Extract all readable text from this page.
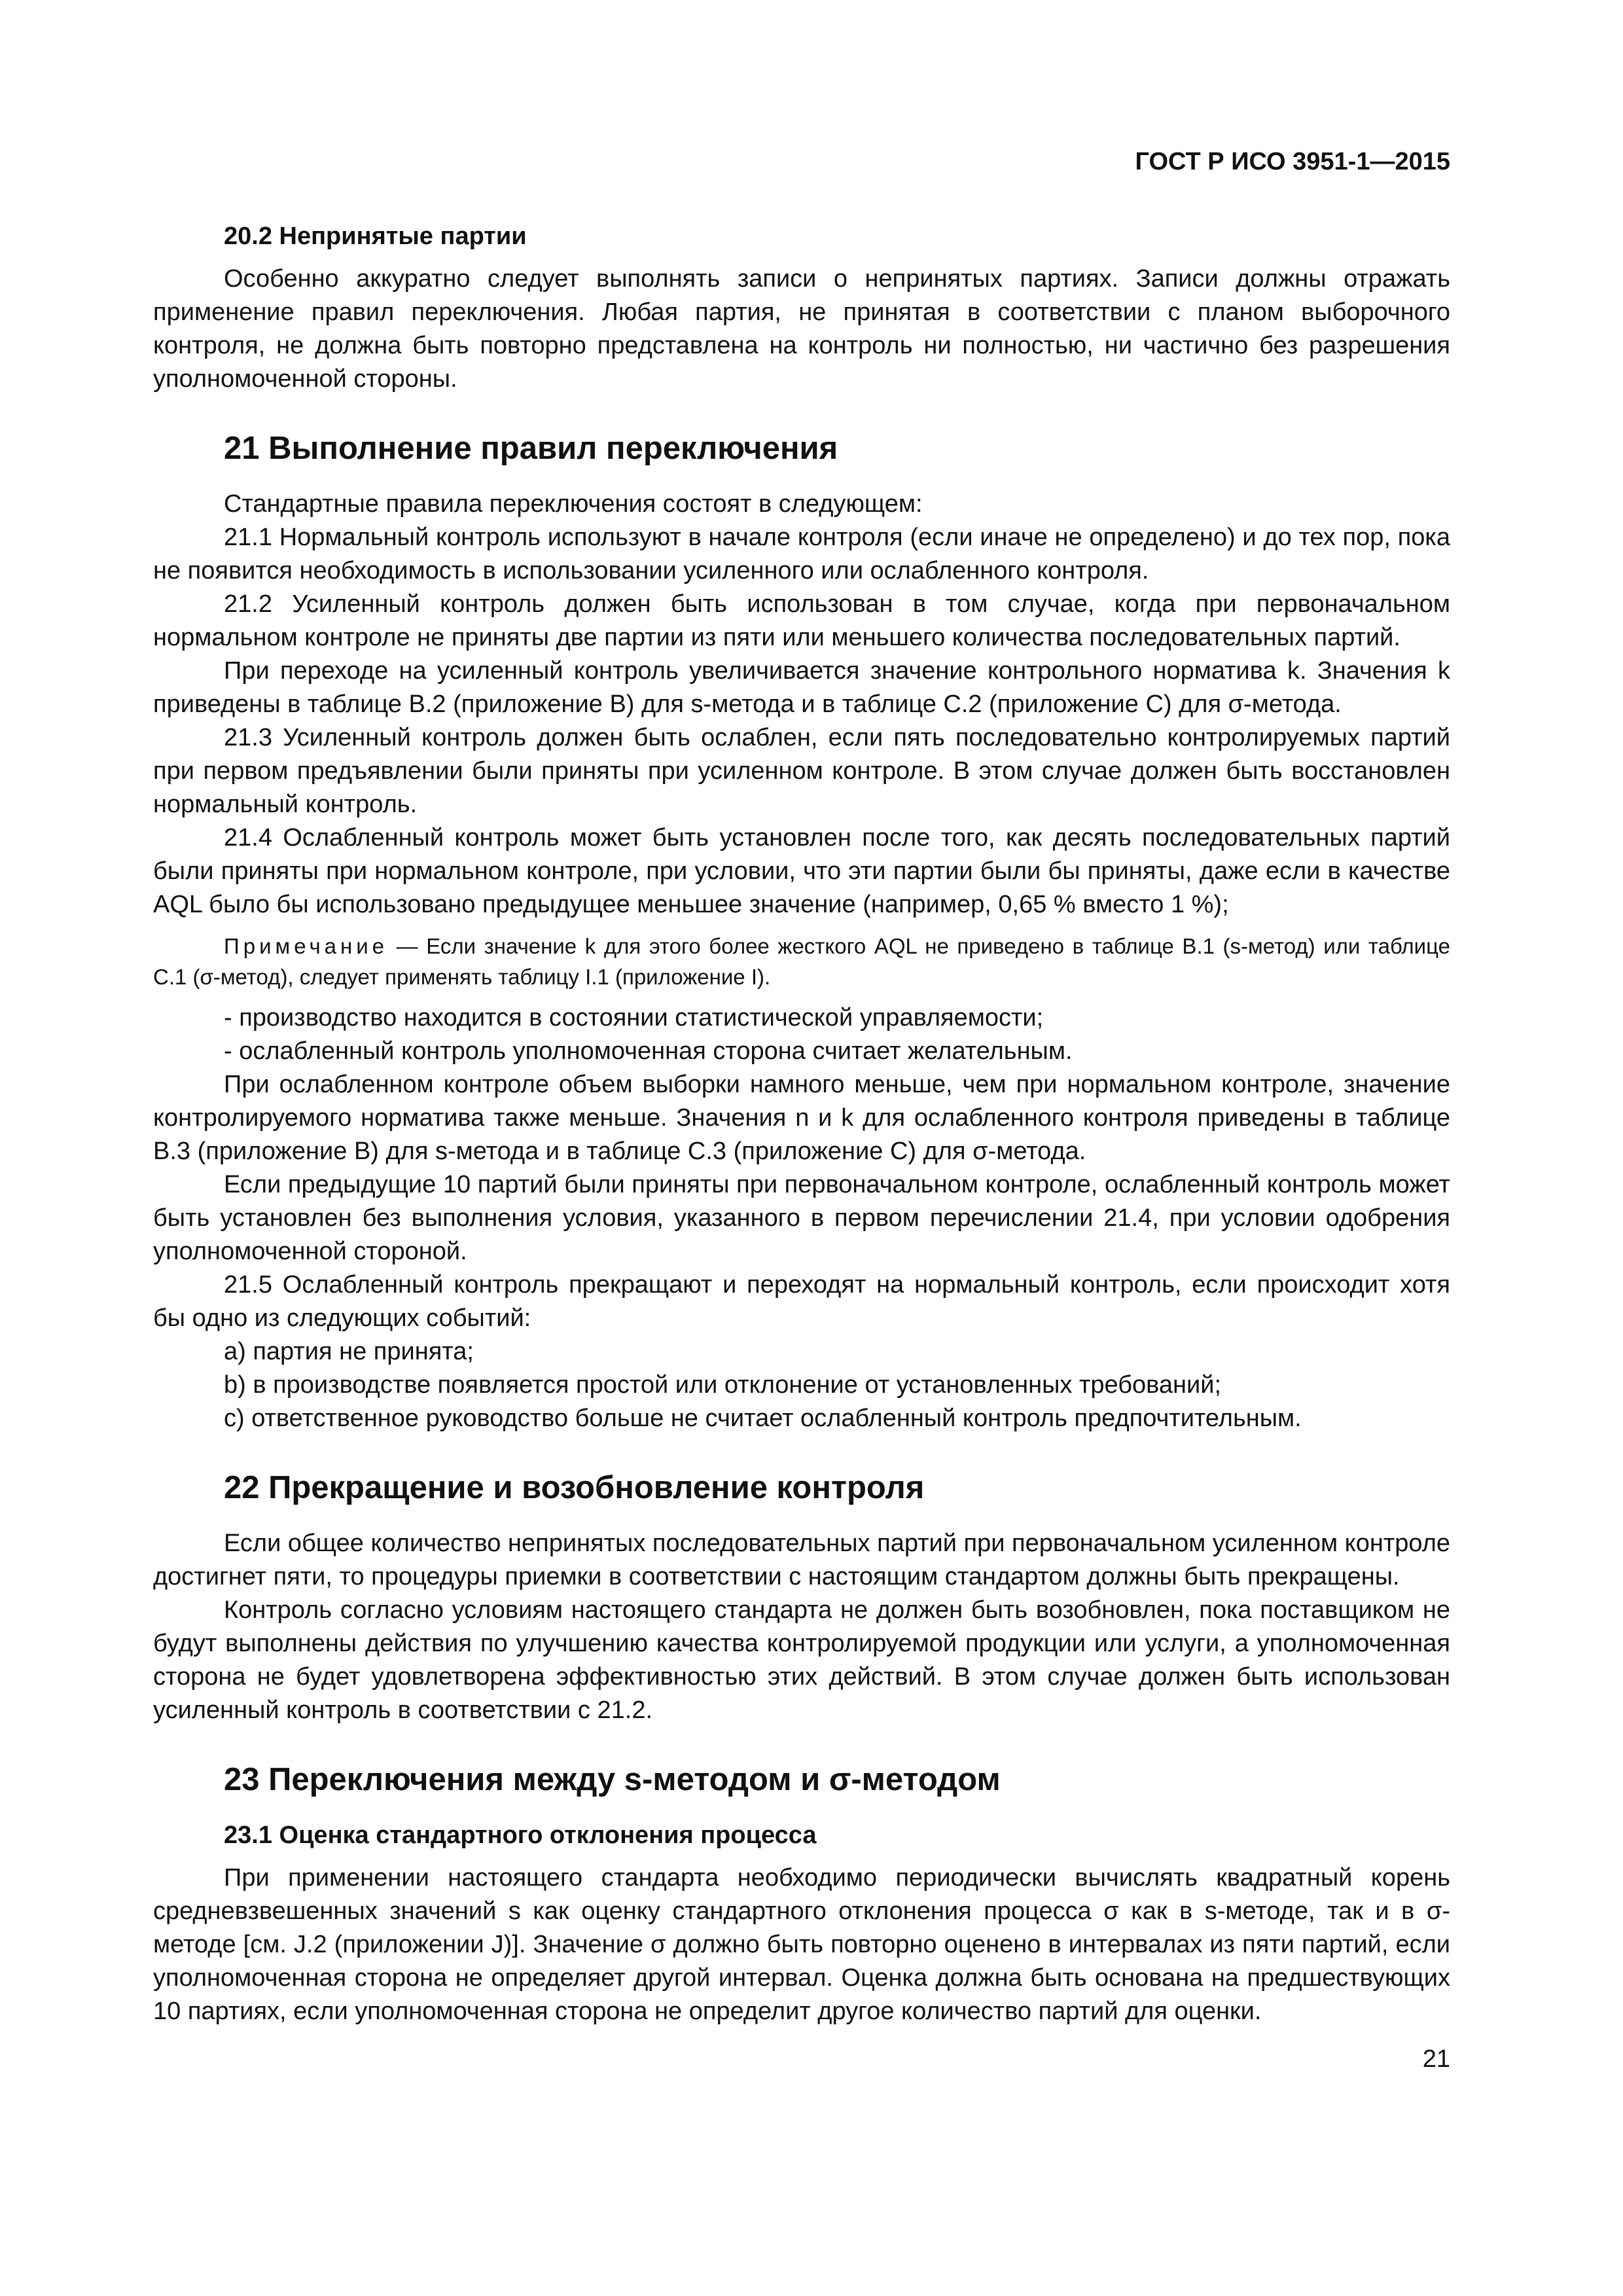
ГОСТ Р ИСО 3951-1—2015

20.2 Непринятые партии

Особенно аккуратно следует выполнять записи о непринятых партиях. Записи должны отражать применение правил переключения. Любая партия, не принятая в соответствии с планом выборочного контроля, не должна быть повторно представлена на контроль ни полностью, ни частично без разрешения уполномоченной стороны.

21 Выполнение правил переключения

Стандартные правила переключения состоят в следующем:

21.1 Нормальный контроль используют в начале контроля (если иначе не определено) и до тех пор, пока не появится необходимость в использовании усиленного или ослабленного контроля.

21.2 Усиленный контроль должен быть использован в том случае, когда при первоначальном нормальном контроле не приняты две партии из пяти или меньшего количества последовательных партий.

При переходе на усиленный контроль увеличивается значение контрольного норматива k. Значения k приведены в таблице В.2 (приложение В) для s-метода и в таблице С.2 (приложение С) для σ-метода.

21.3 Усиленный контроль должен быть ослаблен, если пять последовательно контролируемых партий при первом предъявлении были приняты при усиленном контроле. В этом случае должен быть восстановлен нормальный контроль.

21.4 Ослабленный контроль может быть установлен после того, как десять последовательных партий были приняты при нормальном контроле, при условии, что эти партии были бы приняты, даже если в качестве AQL было бы использовано предыдущее меньшее значение (например, 0,65 % вместо 1 %);

Примечание — Если значение k для этого более жесткого AQL не приведено в таблице В.1 (s-метод) или таблице С.1 (σ-метод), следует применять таблицу I.1 (приложение I).

- производство находится в состоянии статистической управляемости;

- ослабленный контроль уполномоченная сторона считает желательным.

При ослабленном контроле объем выборки намного меньше, чем при нормальном контроле, значение контролируемого норматива также меньше. Значения n и k для ослабленного контроля приведены в таблице В.3 (приложение В) для s-метода и в таблице С.3 (приложение С) для σ-метода.

Если предыдущие 10 партий были приняты при первоначальном контроле, ослабленный контроль может быть установлен без выполнения условия, указанного в первом перечислении 21.4, при условии одобрения уполномоченной стороной.

21.5 Ослабленный контроль прекращают и переходят на нормальный контроль, если происходит хотя бы одно из следующих событий:

a) партия не принята;

b) в производстве появляется простой или отклонение от установленных требований;

c) ответственное руководство больше не считает ослабленный контроль предпочтительным.

22 Прекращение и возобновление контроля

Если общее количество непринятых последовательных партий при первоначальном усиленном контроле достигнет пяти, то процедуры приемки в соответствии с настоящим стандартом должны быть прекращены.

Контроль согласно условиям настоящего стандарта не должен быть возобновлен, пока поставщиком не будут выполнены действия по улучшению качества контролируемой продукции или услуги, а уполномоченная сторона не будет удовлетворена эффективностью этих действий. В этом случае должен быть использован усиленный контроль в соответствии с 21.2.

23 Переключения между s-методом и σ-методом

23.1 Оценка стандартного отклонения процесса

При применении настоящего стандарта необходимо периодически вычислять квадратный корень средневзвешенных значений s как оценку стандартного отклонения процесса σ как в s-методе, так и в σ-методе [см. J.2 (приложении J)]. Значение σ должно быть повторно оценено в интервалах из пяти партий, если уполномоченная сторона не определяет другой интервал. Оценка должна быть основана на предшествующих 10 партиях, если уполномоченная сторона не определит другое количество партий для оценки.

21
